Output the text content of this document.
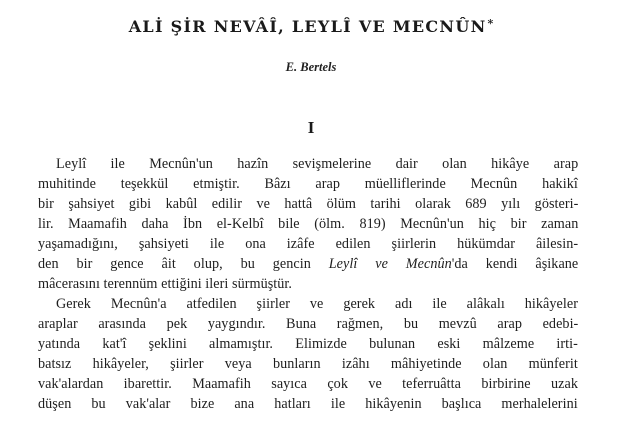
ALİ ŞİR NEVÂÎ, LEYLÎ VE MECNÛN*
E. Bertels
I
Leylî ile Mecnûn'un hazîn sevişmelerine dair olan hikâye arap
muhitinde teşekkül etmiştir. Bâzı arap müelliflerinde Mecnûn hakikî
bir şahsiyet gibi kabûl edilir ve hattâ ölüm tarihi olarak 689 yılı gösteri-
lir. Maamafih daha İbn el-Kelbî bile (ölm. 819) Mecnûn'un hiç bir zaman
yaşamadığını, şahsiyeti ile ona izâfe edilen şiirlerin hükümdar âilesin-
den bir gence âit olup, bu gencin Leylî ve Mecnûn'da kendi âşikane
mâcerasını terennüm ettiğini ileri sürmüştür.
Gerek Mecnûn'a atfedilen şiirler ve gerek adı ile alâkalı hikâyeler
araplar arasında pek yaygındır. Buna rağmen, bu mevzû arap edebi-
yatında kat'î şeklini almamıştır. Elimizde bulunan eski mâlzeme irti-
batsız hikâyeler, şiirler veya bunların izâhı mâhiyetinde olan münferit
vak'alardan ibarettir. Maamafih sayıca çok ve teferruâtta birbirine uzak
düşen bu vak'alar bize ana hatları ile hikâyenin başlıca merhalelerini
